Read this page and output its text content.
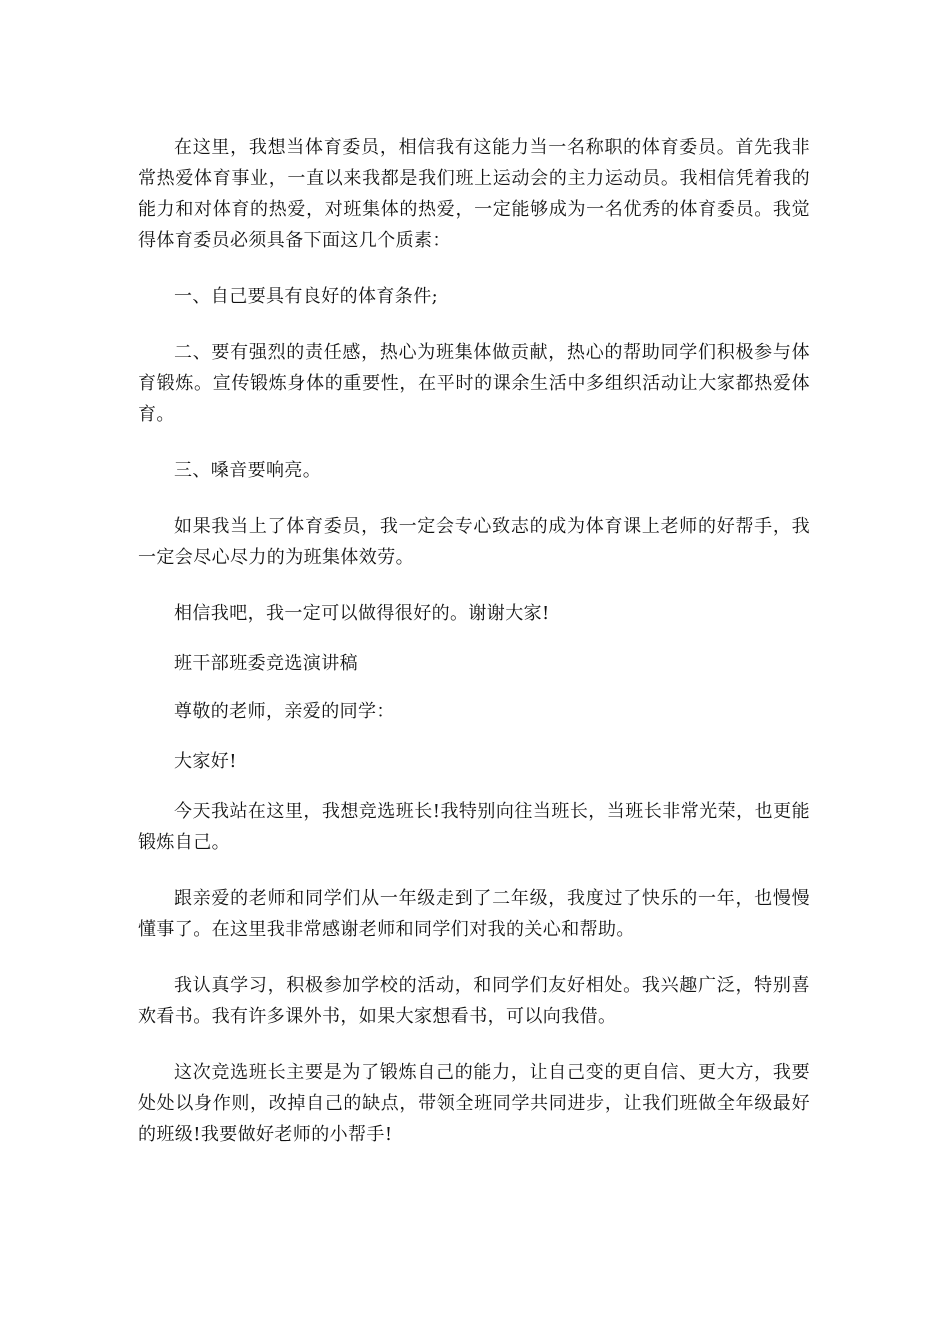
在这里，我想当体育委员，相信我有这能力当一名称职的体育委员。首先我非常热爱体育事业，一直以来我都是我们班上运动会的主力运动员。我相信凭着我的能力和对体育的热爱，对班集体的热爱，一定能够成为一名优秀的体育委员。我觉得体育委员必须具备下面这几个质素：

一、自己要具有良好的体育条件;

二、要有强烈的责任感，热心为班集体做贡献，热心的帮助同学们积极参与体育锻炼。宣传锻炼身体的重要性，在平时的课余生活中多组织活动让大家都热爱体育。

三、嗓音要响亮。

如果我当上了体育委员，我一定会专心致志的成为体育课上老师的好帮手，我一定会尽心尽力的为班集体效劳。

相信我吧，我一定可以做得很好的。谢谢大家!

班干部班委竞选演讲稿

尊敬的老师，亲爱的同学：

大家好!

今天我站在这里，我想竞选班长!我特别向往当班长，当班长非常光荣，也更能锻炼自己。

跟亲爱的老师和同学们从一年级走到了二年级，我度过了快乐的一年，也慢慢懂事了。在这里我非常感谢老师和同学们对我的关心和帮助。

我认真学习，积极参加学校的活动，和同学们友好相处。我兴趣广泛，特别喜欢看书。我有许多课外书，如果大家想看书，可以向我借。

这次竞选班长主要是为了锻炼自己的能力，让自己变的更自信、更大方，我要处处以身作则，改掉自己的缺点，带领全班同学共同进步，让我们班做全年级最好的班级!我要做好老师的小帮手!
